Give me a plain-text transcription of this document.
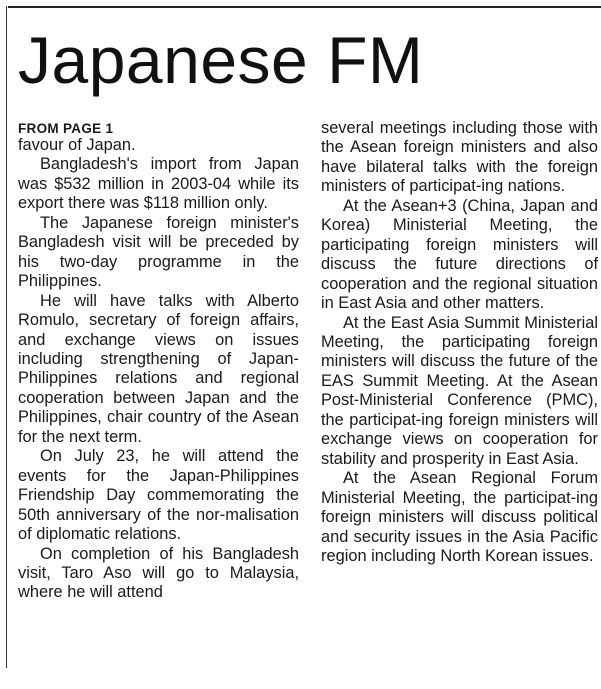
Japanese FM
FROM PAGE 1

favour of Japan.

Bangladesh's import from Japan was $532 million in 2003-04 while its export there was $118 million only.

The Japanese foreign minister's Bangladesh visit will be preceded by his two-day programme in the Philippines.

He will have talks with Alberto Romulo, secretary of foreign affairs, and exchange views on issues including strengthening of Japan-Philippines relations and regional cooperation between Japan and the Philippines, chair country of the Asean for the next term.

On July 23, he will attend the events for the Japan-Philippines Friendship Day commemorating the 50th anniversary of the nor-malisation of diplomatic relations.

On completion of his Bangladesh visit, Taro Aso will go to Malaysia, where he will attend

several meetings including those with the Asean foreign ministers and also have bilateral talks with the foreign ministers of participat-ing nations.

At the Asean+3 (China, Japan and Korea) Ministerial Meeting, the participating foreign ministers will discuss the future directions of cooperation and the regional situation in East Asia and other matters.

At the East Asia Summit Ministerial Meeting, the participating foreign ministers will discuss the future of the EAS Summit Meeting. At the Asean Post-Ministerial Conference (PMC), the participat-ing foreign ministers will exchange views on cooperation for stability and prosperity in East Asia.

At the Asean Regional Forum Ministerial Meeting, the participat-ing foreign ministers will discuss political and security issues in the Asia Pacific region including North Korean issues.
